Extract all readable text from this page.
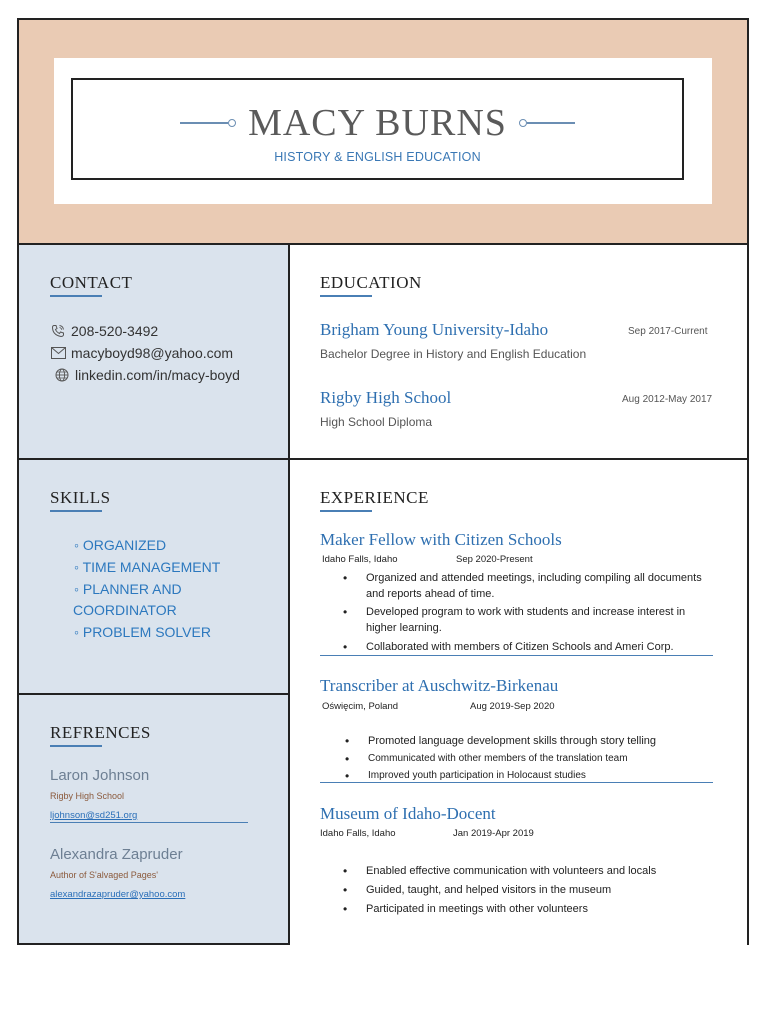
MACY BURNS
HISTORY & ENGLISH EDUCATION
CONTACT
208-520-3492
macyboyd98@yahoo.com
linkedin.com/in/macy-boyd
EDUCATION
Brigham Young University-Idaho	Sep 2017-Current
Bachelor Degree in History and English Education
Rigby High School	Aug 2012-May 2017
High School Diploma
SKILLS
◦ ORGANIZED
◦ TIME MANAGEMENT
◦ PLANNER AND
COORDINATOR
◦ PROBLEM SOLVER
EXPERIENCE
Maker Fellow with Citizen Schools
Idaho Falls, Idaho	Sep 2020-Present
• Organized and attended meetings, including compiling all documents
and reports ahead of time.
• Developed program to work with students and increase interest in
higher learning.
• Collaborated with members of Citizen Schools and Ameri Corp.
Transcriber at Auschwitz-Birkenau
Oświęcim, Poland	Aug 2019-Sep 2020
• Promoted language development skills through story telling
• Communicated with other members of the translation team
• Improved youth participation in Holocaust studies
Museum of Idaho-Docent
Idaho Falls, Idaho	Jan 2019-Apr 2019
• Enabled effective communication with volunteers and locals
• Guided, taught, and helped visitors in the museum
• Participated in meetings with other volunteers
REFRENCES
Laron Johnson
Rigby High School
ljohnson@sd251.org
Alexandra Zapruder
Author of S'alvaged Pages'
alexandrazapruder@yahoo.com
